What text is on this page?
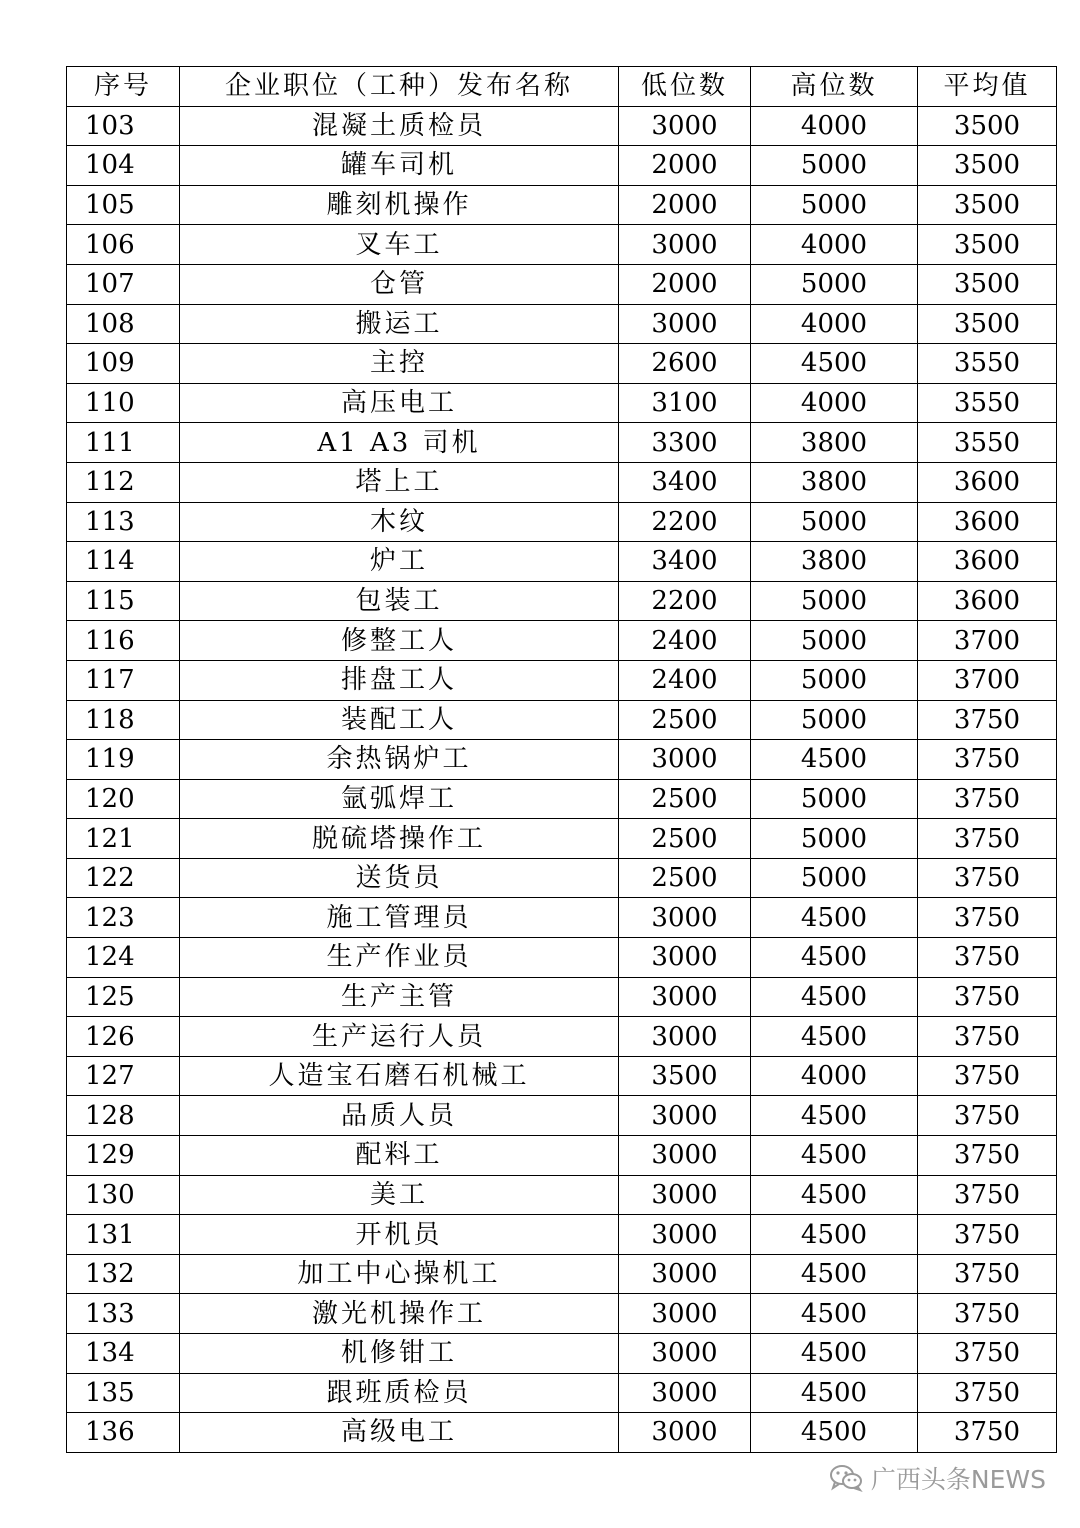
序号	企业职位（工种）发布名称	低位数	高位数	平均值
103	混凝土质检员	3000	4000	3500
104	罐车司机	2000	5000	3500
105	雕刻机操作	2000	5000	3500
106	叉车工	3000	4000	3500
107	仓管	2000	5000	3500
108	搬运工	3000	4000	3500
109	主控	2600	4500	3550
110	高压电工	3100	4000	3550
111	A1 A3 司机	3300	3800	3550
112	塔上工	3400	3800	3600
113	木纹	2200	5000	3600
114	炉工	3400	3800	3600
115	包装工	2200	5000	3600
116	修整工人	2400	5000	3700
117	排盘工人	2400	5000	3700
118	装配工人	2500	5000	3750
119	余热锅炉工	3000	4500	3750
120	氩弧焊工	2500	5000	3750
121	脱硫塔操作工	2500	5000	3750
122	送货员	2500	5000	3750
123	施工管理员	3000	4500	3750
124	生产作业员	3000	4500	3750
125	生产主管	3000	4500	3750
126	生产运行人员	3000	4500	3750
127	人造宝石磨石机械工	3500	4000	3750
128	品质人员	3000	4500	3750
129	配料工	3000	4500	3750
130	美工	3000	4500	3750
131	开机员	3000	4500	3750
132	加工中心操机工	3000	4500	3750
133	激光机操作工	3000	4500	3750
134	机修钳工	3000	4500	3750
135	跟班质检员	3000	4500	3750
136	高级电工	3000	4500	3750
广西头条NEWS
